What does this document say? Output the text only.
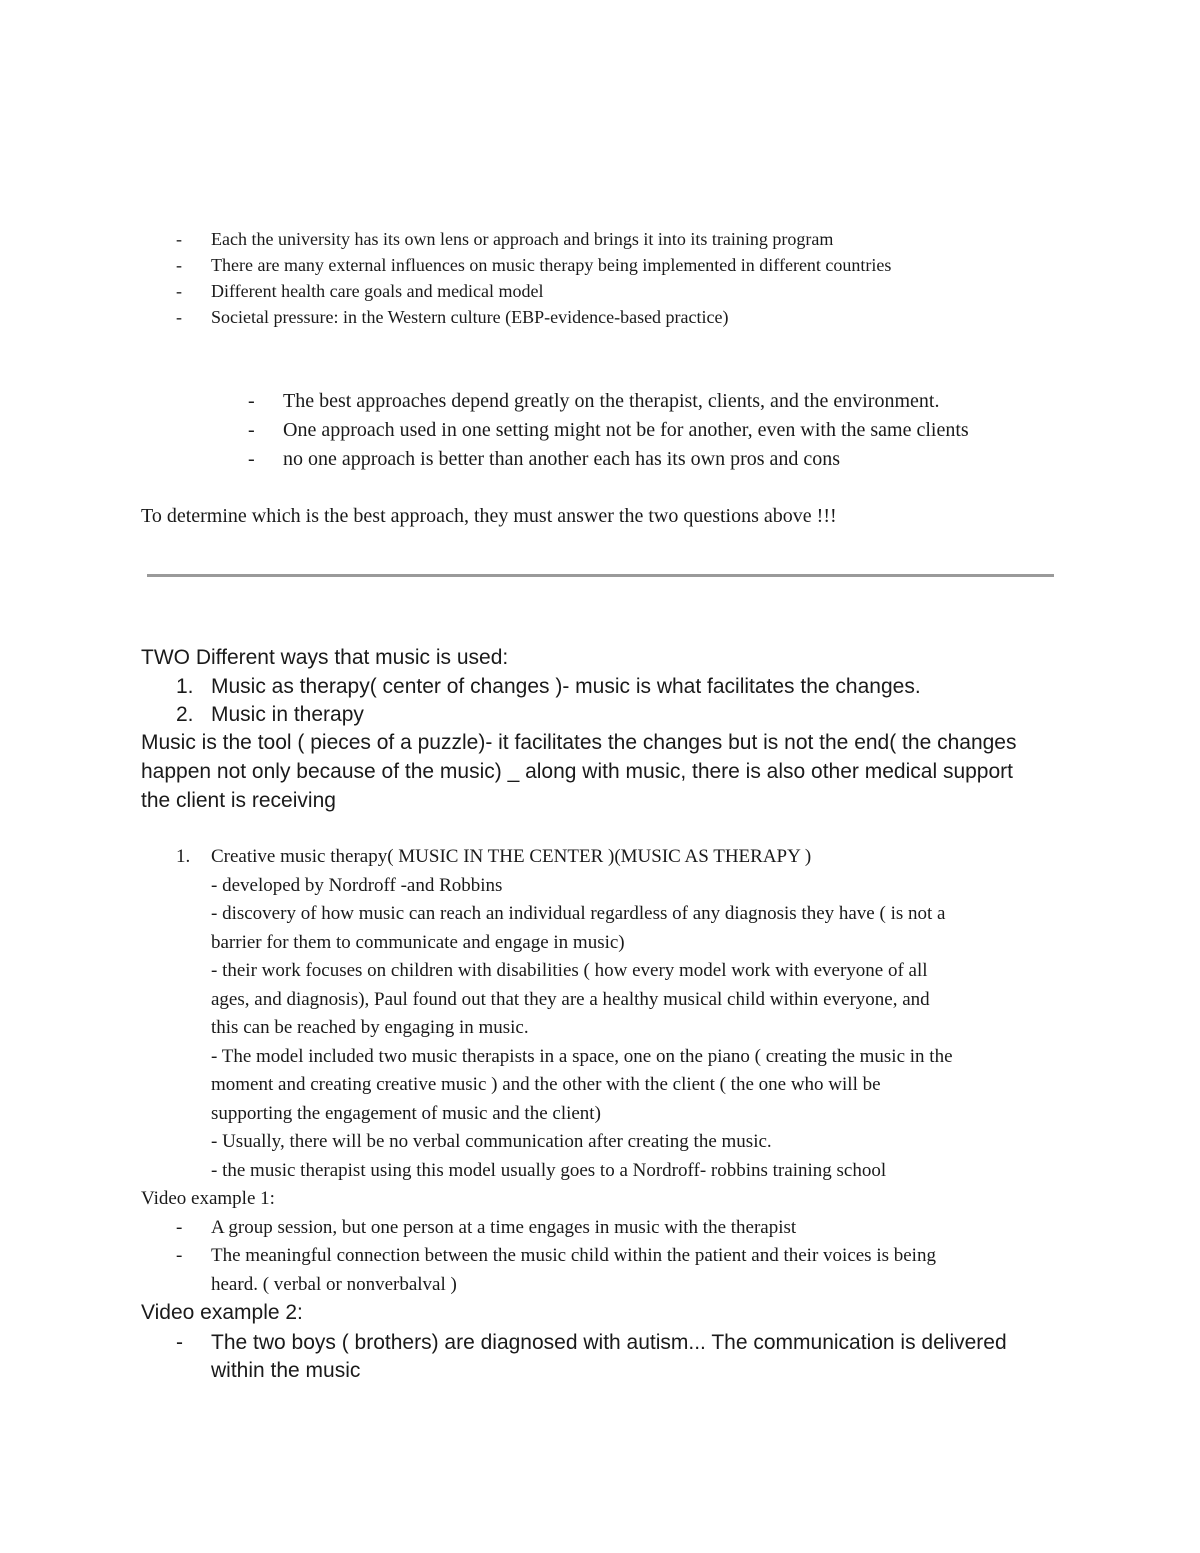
- Each the university has its own lens or approach and brings it into its training program
- There are many external influences on music therapy being implemented in different countries
- Different health care goals and medical model
- Societal pressure: in the Western culture (EBP-evidence-based practice)
- The best approaches depend greatly on the therapist, clients, and the environment.
- One approach used in one setting might not be for another, even with the same clients
- no one approach is better than another each has its own pros and cons
To determine which is the best approach, they must answer the two questions above !!!
TWO Different ways that music is used:
1. Music as therapy( center of changes )- music is what facilitates the changes.
2. Music in therapy
Music is the tool ( pieces of a puzzle)- it facilitates the changes but is not the end( the changes
happen not only because of the music) _ along with music, there is also other medical support
the client is receiving
1. Creative music therapy( MUSIC IN THE CENTER )(MUSIC AS THERAPY )
- developed by Nordroff -and Robbins
- discovery of how music can reach an individual regardless of any diagnosis they have ( is not a
barrier for them to communicate and engage in music)
- their work focuses on children with disabilities ( how every model work with everyone of all
ages, and diagnosis), Paul found out that they are a healthy musical child within everyone, and
this can be reached by engaging in music.
- The model included two music therapists in a space, one on the piano ( creating the music in the
moment and creating creative music ) and the other with the client ( the one who will be
supporting the engagement of music and the client)
- Usually, there will be no verbal communication after creating the music.
- the music therapist using this model usually goes to a Nordroff- robbins training school
Video example 1:
- A group session, but one person at a time engages in music with the therapist
- The meaningful connection between the music child within the patient and their voices is being
heard. ( verbal or nonverbalval )
Video example 2:
- The two boys ( brothers) are diagnosed with autism... The communication is delivered
within the music
